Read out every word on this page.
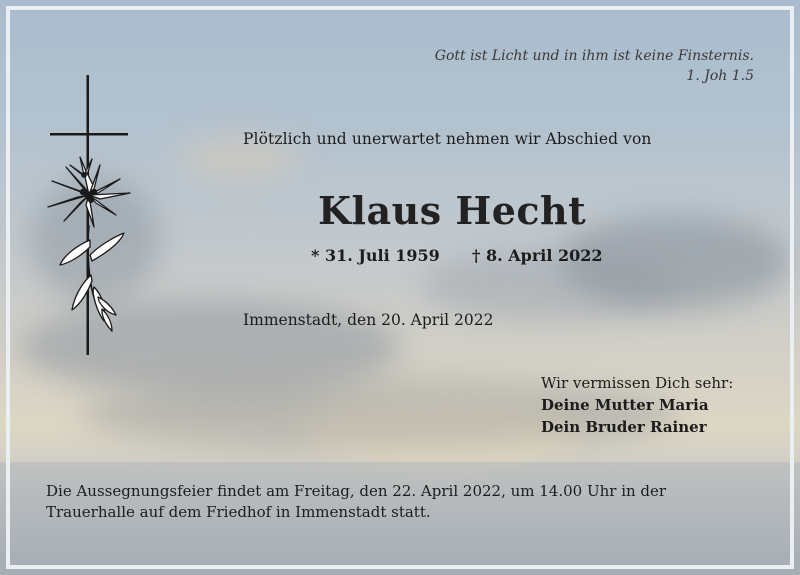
Gott ist Licht und in ihm ist keine Finsternis.
1. Joh 1.5
Plötzlich und unerwartet nehmen wir Abschied von
Klaus Hecht
* 31. Juli 1959 † 8. April 2022
Immenstadt, den 20. April 2022
Wir vermissen Dich sehr:
Deine Mutter Maria
Dein Bruder Rainer
Die Aussegnungsfeier findet am Freitag, den 22. April 2022, um 14.00 Uhr in der Trauerhalle auf dem Friedhof in Immenstadt statt.
